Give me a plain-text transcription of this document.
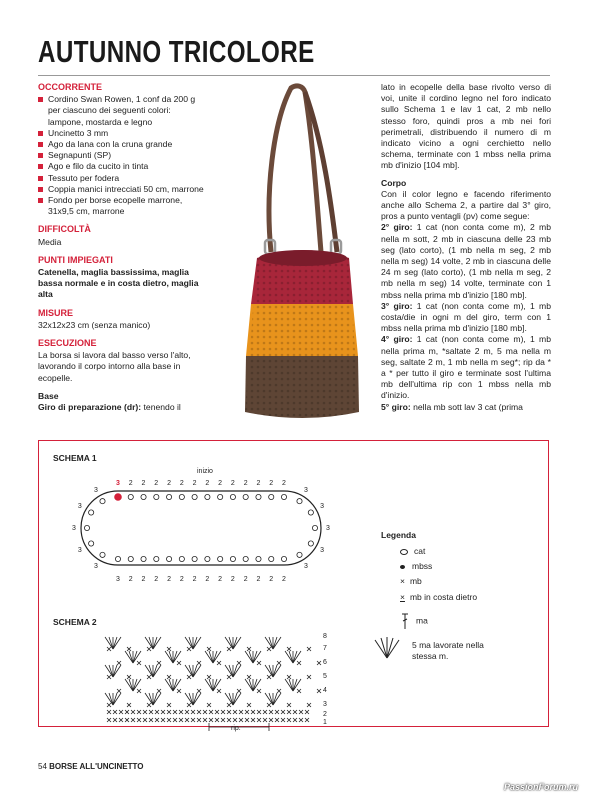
AUTUNNO TRICOLORE
OCCORRENTE
Cordino Swan Rowen, 1 conf da 200 g per ciascuno dei seguenti colori: lampone, mostarda e legno
Uncinetto 3 mm
Ago da lana con la cruna grande
Segnapunti (SP)
Ago e filo da cucito in tinta
Tessuto per fodera
Coppia manici intrecciati 50 cm, marrone
Fondo per borse ecopelle marrone, 31x9,5 cm, marrone
DIFFICOLTÀ
Media
PUNTI IMPIEGATI
Catenella, maglia bassissima, maglia bassa normale e in costa dietro, maglia alta
MISURE
32x12x23 cm (senza manico)
ESECUZIONE
La borsa si lavora dal basso verso l'alto, lavorando il corpo intorno alla base in ecopelle.
Base
Giro di preparazione (dr): tenendo il

lato in ecopelle della base rivolto verso di voi, unite il cordino legno nel foro indicato sullo Schema 1 e lav 1 cat, 2 mb nello stesso foro, quindi pros a mb nei fori perimetrali, distribuendo il numero di m indicato vicino a ogni cerchietto nello schema, terminate con 1 mbss nella prima mb d'inizio [104 mb].

Corpo

Con il color legno e facendo riferimento anche allo Schema 2, a partire dal 3° giro, pros a punto ventagli (pv) come segue:

2° giro: 1 cat (non conta come m), 2 mb nella m sott, 2 mb in ciascuna delle 23 mb seg (lato corto), (1 mb nella m seg, 2 mb nella m seg) 14 volte, 2 mb in ciascuna delle 24 m seg (lato corto), (1 mb nella m seg, 2 mb nella m seg) 14 volte, terminate con 1 mbss nella prima mb d'inizio [180 mb].

3° giro: 1 cat (non conta come m), 1 mb costa/die in ogni m del giro, term con 1 mbss nella prima mb d'inizio [180 mb].

4° giro: 1 cat (non conta come m), 1 mb nella prima m, *saltate 2 m, 5 ma nella m seg, saltate 2 m, 1 mb nella m seg*; rip da * a * per tutto il giro e terminate sost l'ultima mb dell'ultima rip con 1 mbss nella mb d'inizio.

5° giro: nella mb sott lav 3 cat (prima

SCHEMA 1
SCHEMA 2
inizio
3
3
2
2
2
2
2
2
2
2
2
2
2
2
2
2
2
2
2
2
2
2
2
2
2
2
2
2
3	3
3	3
3	3
3	3
3	3
8
7
6
5
4
3
2
1
rip.
Legenda
cat
mbss
× mb
× mb in costa dietro
ma
5 ma lavorate nella stessa m.
54 BORSE ALL'UNCINETTO
PassionForum.ru
